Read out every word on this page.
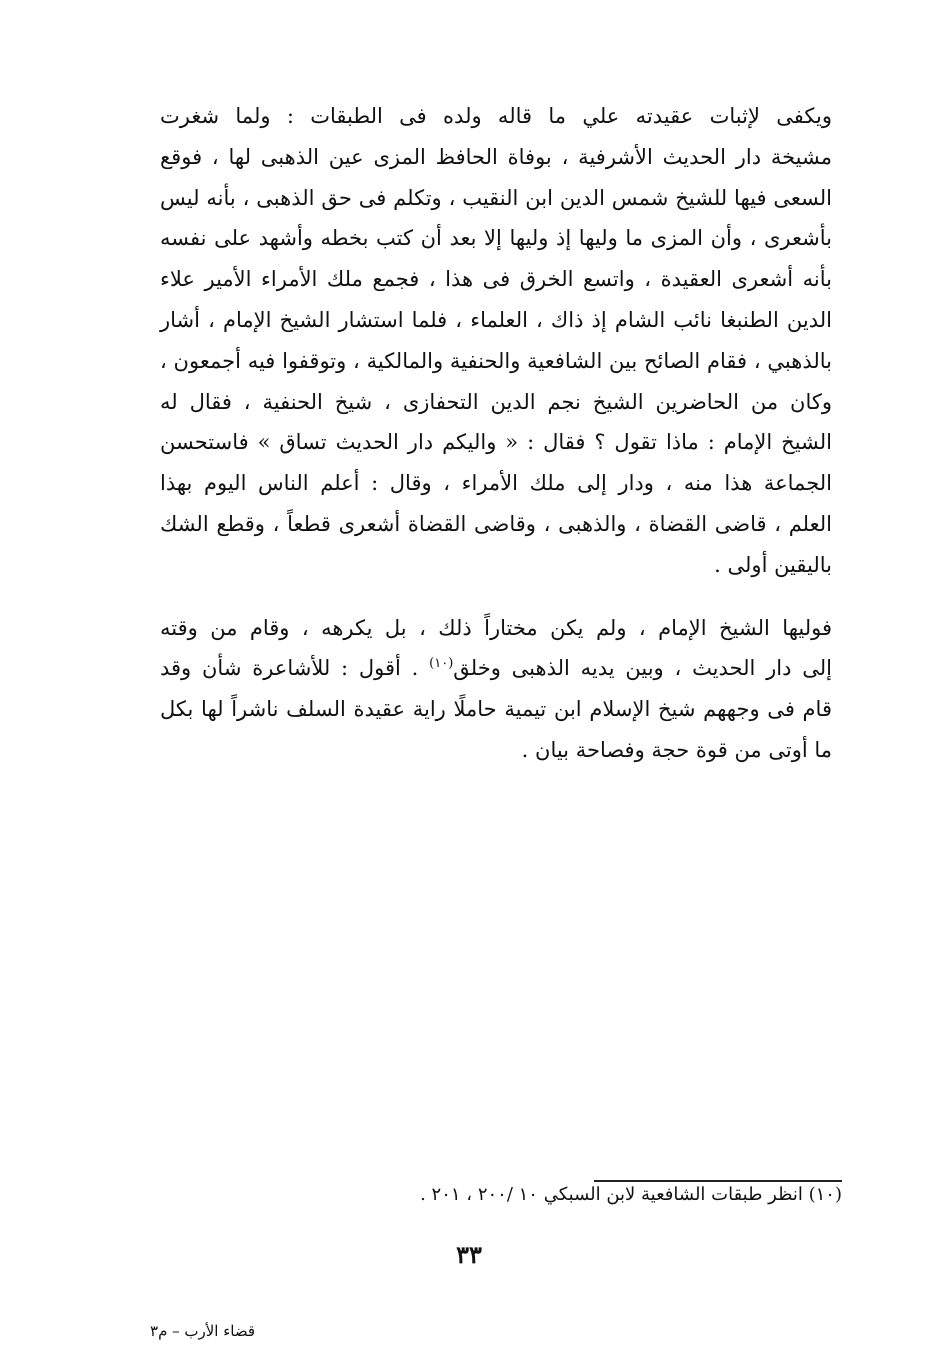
ويكفى لإثبات عقيدته علي ما قاله ولده فى الطبقات : ولما شغرت
مشيخة دار الحديث الأشرفية ، بوفاة الحافظ المزى عين الذهبى لها ، فوقع
السعى فيها للشيخ شمس الدين ابن النقيب ، وتكلم فى حق الذهبى ، بأنه ليس
بأشعرى ، وأن المزى ما وليها إذ وليها إلا بعد أن كتب بخطه وأشهد على نفسه
بأنه أشعرى العقيدة ، واتسع الخرق فى هذا ، فجمع ملك الأمراء الأمير علاء
الدين الطنبغا نائب الشام إذ ذاك ، العلماء ، فلما استشار الشيخ الإمام ، أشار
بالذهبي ، فقام الصائح بين الشافعية والحنفية والمالكية ، وتوقفوا فيه أجمعون ،
وكان من الحاضرين الشيخ نجم الدين التحفازى ، شيخ الحنفية ، فقال له
الشيخ الإمام : ماذا تقول ؟ فقال : « واليكم دار الحديث تساق » فاستحسن
الجماعة هذا منه ، ودار إلى ملك الأمراء ، وقال : أعلم الناس اليوم بهذا
العلم ، قاضى القضاة ، والذهبى ، وقاضى القضاة أشعرى قطعاً ، وقطع الشك
باليقين أولى .

فوليها الشيخ الإمام ، ولم يكن مختاراً ذلك ، بل يكرهه ، وقام من وقته
إلى دار الحديث ، وبين يديه الذهبى وخلق$^{(١٠)}$ . أقول : للأشاعرة شأن وقد
قام فى وجههم شيخ الإسلام ابن تيمية حاملًا راية عقيدة السلف ناشراً لها بكل
ما أوتى من قوة حجة وفصاحة بيان .

(١٠) انظر طبقات الشافعية لابن السبكي ١٠ /٢٠٠ ، ٢٠١ .
٣٣
قضاء الأرب – م٣
